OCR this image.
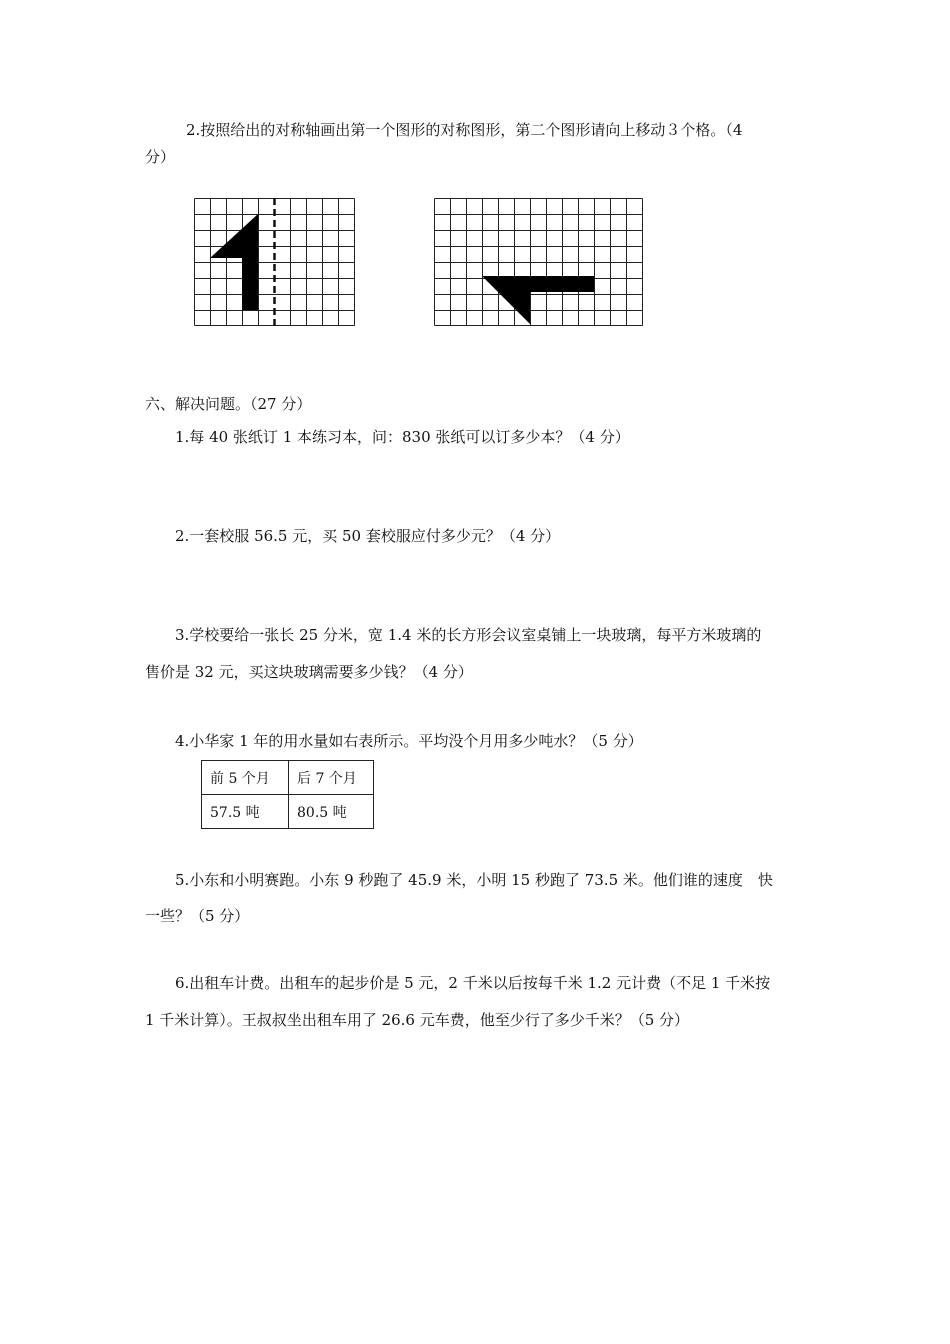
2.按照给出的对称轴画出第一个图形的对称图形，第二个图形请向上移动３个格。（4
分）
六、解决问题。（27 分）
1.每 40 张纸订 1 本练习本，问：830 张纸可以订多少本？（4 分）
2.一套校服 56.5 元，买 50 套校服应付多少元？（4 分）
3.学校要给一张长 25 分米，宽 1.4 米的长方形会议室桌铺上一块玻璃，每平方米玻璃的
售价是 32 元，买这块玻璃需要多少钱？（4 分）
4.小华家 1 年的用水量如右表所示。平均没个月用多少吨水？（5 分）
前 5 个月	后 7 个月
57.5 吨	80.5 吨
5.小东和小明赛跑。小东 9 秒跑了 45.9 米，小明 15 秒跑了 73.5 米。他们谁的速度　快
一些？（5 分）
6.出租车计费。出租车的起步价是 5 元，2 千米以后按每千米 1.2 元计费（不足 1 千米按
1 千米计算）。王叔叔坐出租车用了 26.6 元车费，他至少行了多少千米？（5 分）
